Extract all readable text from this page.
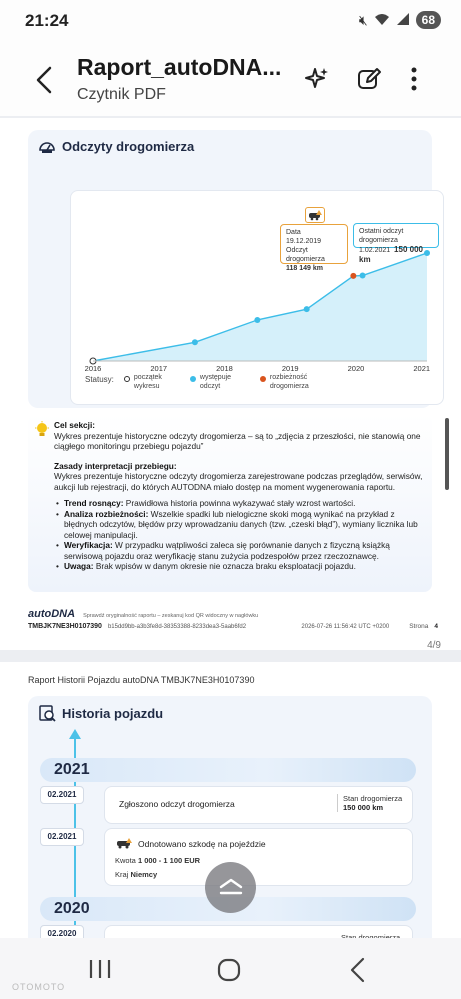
21:24	🔇︎	68
Raport_autoDNA...
Czytnik PDF
Odczyty drogomierza
2016	2017	2018	2019	2020	2021
Data
19.12.2019
Odczyt drogomierza
118 149 km
Ostatni odczyt drogomierza
1.02.2021 150 000 km
Statusy:	początek wykresu
występuje odczyt
rozbieżność drogomierza

Cel sekcji:

Wykres prezentuje historyczne odczyty drogomierza – są to „zdjęcia z przeszłości, nie stanowią one ciągłego monitoringu przebiegu pojazdu”

Zasady interpretacji przebiegu:

Wykres prezentuje historyczne odczyty drogomierza zarejestrowane podczas przeglądów, serwisów, aukcji lub rejestracji, do których AUTODNA miało dostęp na moment wygenerowania raportu.

• Trend rosnący: Prawidłowa historia powinna wykazywać stały wzrost wartości.
• Analiza rozbieżności: Wszelkie spadki lub nielogiczne skoki mogą wynikać na przykład z błędnych odczytów, błędów przy wprowadzaniu danych (tzw. „czeski błąd”), wymiany licznika lub celowej manipulacji.
• Weryfikacja: W przypadku wątpliwości zaleca się porównanie danych z fizyczną książką serwisową pojazdu oraz weryfikację stanu zużycia podzespołów przez rzeczoznawcę.
• Uwaga: Brak wpisów w danym okresie nie oznacza braku eksploatacji pojazdu.
autoDNA Sprawdź oryginalność raportu – zeskanuj kod QR widoczny w nagłówku
TMBJK7NE3H0107390 b15dd9bb-a3b3fe8d-38353388-8233dea3-5aab6fd2	2026-07-26 11:56:42 UTC +0200	Strona 4
4/9
Raport Historii Pojazdu autoDNA TMBJK7NE3H0107390
Historia pojazdu
2021
02.2021
Zgłoszono odczyt drogomierza
Stan drogomierza
150 000 km
02.2021
Odnotowano szkodę na pojeździe
Kwota 1 000 - 1 100 EUR
Kraj Niemcy
2020
02.2020
OTOMOTO
